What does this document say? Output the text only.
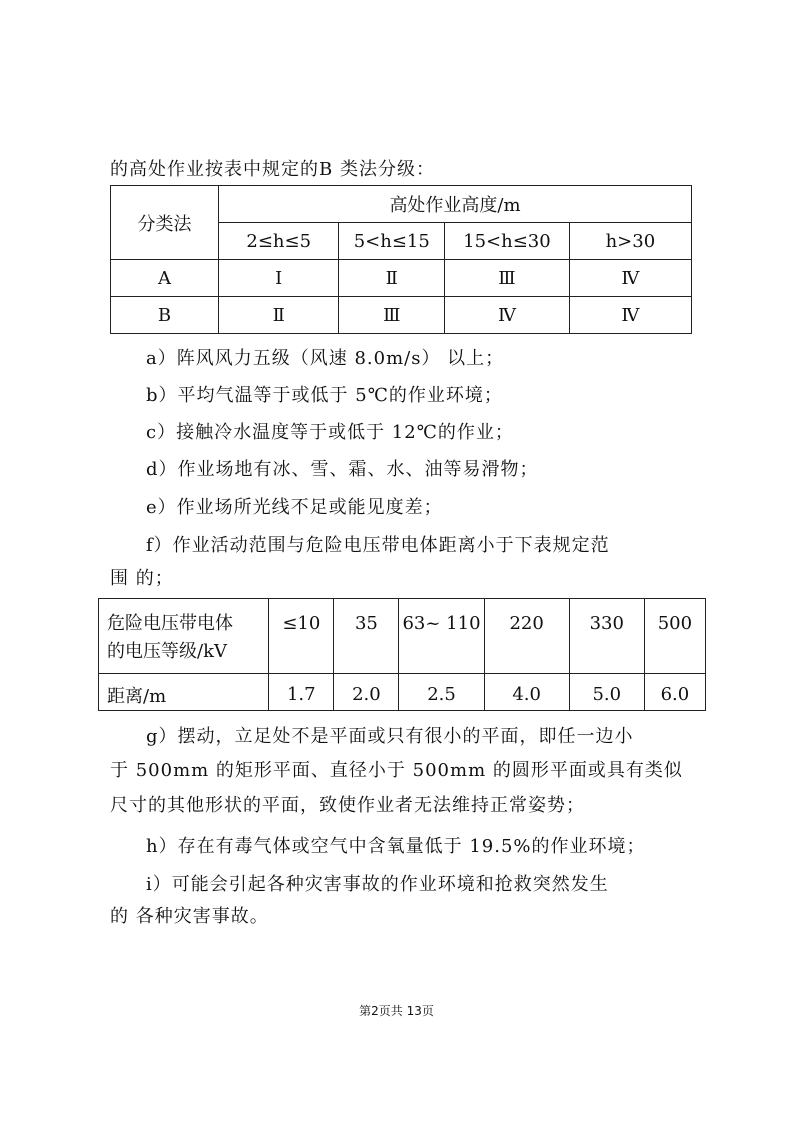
的高处作业按表中规定的B 类法分级：
分类法	高处作业高度/m			
	2≤h≤5	5<h≤15	15<h≤30	h>30
A	Ⅰ	Ⅱ	Ⅲ	Ⅳ
B	Ⅱ	Ⅲ	Ⅳ	Ⅳ
a）阵风风力五级（风速 8.0m/s） 以上；
b）平均气温等于或低于 5℃的作业环境；
c）接触冷水温度等于或低于 12℃的作业；
d）作业场地有冰、雪、霜、水、油等易滑物；
e）作业场所光线不足或能见度差；
f）作业活动范围与危险电压带电体距离小于下表规定范
围 的；
危险电压带电体
的电压等级/kV	≤10	35	63~ 110	220	330	500
距离/m	1.7	2.0	2.5	4.0	5.0	6.0
g）摆动，立足处不是平面或只有很小的平面，即任一边小
于 500mm 的矩形平面、直径小于 500mm 的圆形平面或具有类似
尺寸的其他形状的平面，致使作业者无法维持正常姿势；
h）存在有毒气体或空气中含氧量低于 19.5%的作业环境；
i）可能会引起各种灾害事故的作业环境和抢救突然发生
的 各种灾害事故。
第2页共 13页
